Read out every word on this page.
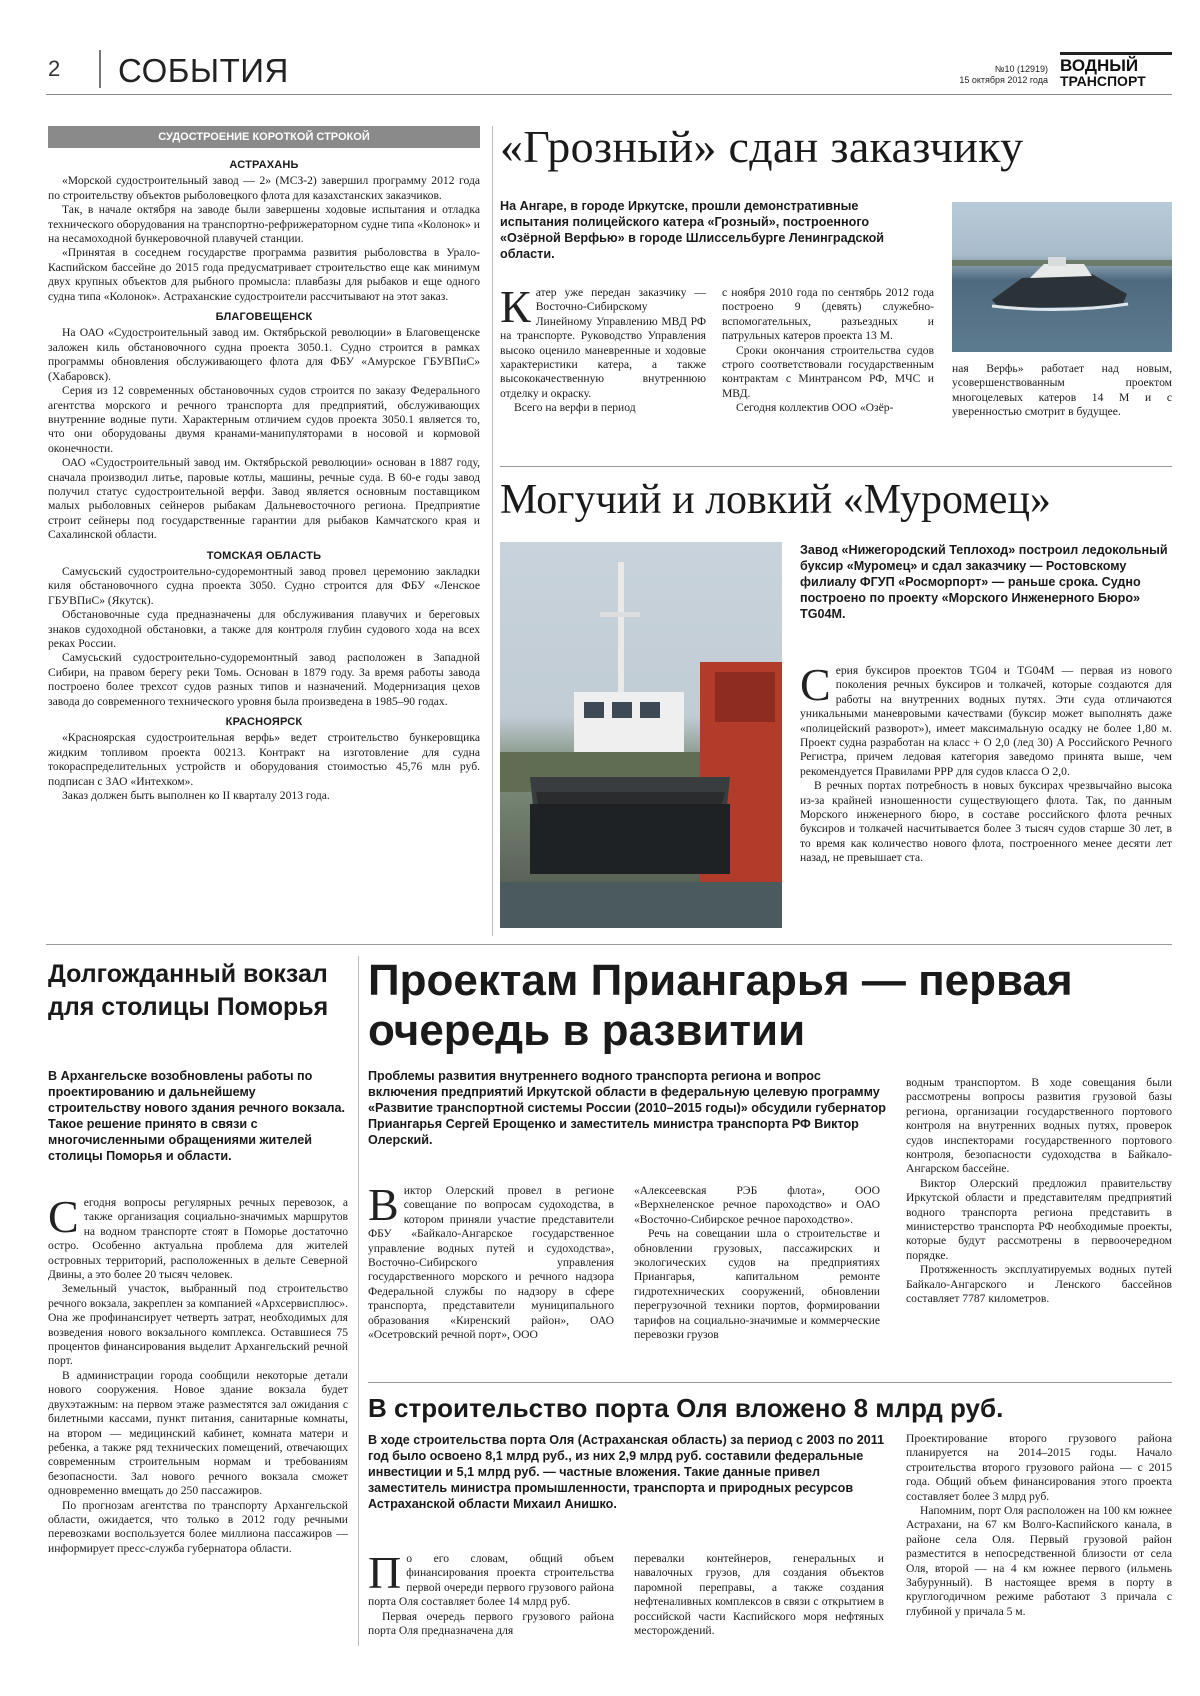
2 СОБЫТИЯ	№10 (12919)
15 октября 2012 года
ВОДНЫЙ
ТРАНСПОРТ
СУДОСТРОЕНИЕ КОРОТКОЙ СТРОКОЙ
АСТРАХАНЬ

«Морской судостроительный завод — 2» (МСЗ-2) завершил программу 2012 года по строительству объектов рыболовецкого флота для казахстанских заказчиков.

Так, в начале октября на заводе были завершены ходовые испытания и отладка технического оборудования на транспортно-рефрижераторном судне типа «Колонок» и на несамоходной бункеровочной плавучей станции.

«Принятая в соседнем государстве программа развития рыболовства в Урало-Каспийском бассейне до 2015 года предусматривает строительство еще как минимум двух крупных объектов для рыбного промысла: плавбазы для рыбаков и еще одного судна типа «Колонок». Астраханские судостроители рассчитывают на этот заказ.

БЛАГОВЕЩЕНСК

На ОАО «Судостроительный завод им. Октябрьской революции» в Благовещенске заложен киль обстановочного судна проекта 3050.1. Судно строится в рамках программы обновления обслуживающего флота для ФБУ «Амурское ГБУВПиС» (Хабаровск).

Серия из 12 современных обстановочных судов строится по заказу Федерального агентства морского и речного транспорта для предприятий, обслуживающих внутренние водные пути. Характерным отличием судов проекта 3050.1 является то, что они оборудованы двумя кранами-манипуляторами в носовой и кормовой оконечности.

ОАО «Судостроительный завод им. Октябрьской революции» основан в 1887 году, сначала производил литье, паровые котлы, машины, речные суда. В 60-е годы завод получил статус судостроительной верфи. Завод является основным поставщиком малых рыболовных сейнеров рыбакам Дальневосточного региона. Предприятие строит сейнеры под государственные гарантии для рыбаков Камчатского края и Сахалинской области.

ТОМСКАЯ ОБЛАСТЬ

Самусьский судостроительно-судоремонтный завод провел церемонию закладки киля обстановочного судна проекта 3050. Судно строится для ФБУ «Ленское ГБУВПиС» (Якутск).

Обстановочные суда предназначены для обслуживания плавучих и береговых знаков судоходной обстановки, а также для контроля глубин судового хода на всех реках России.

Самусьский судостроительно-судоремонтный завод расположен в Западной Сибири, на правом берегу реки Томь. Основан в 1879 году. За время работы завода построено более трехсот судов разных типов и назначений. Модернизация цехов завода до современного технического уровня была произведена в 1985–90 годах.

КРАСНОЯРСК

«Красноярская судостроительная верфь» ведет строительство бункеровщика жидким топливом проекта 00213. Контракт на изготовление для судна токораспределительных устройств и оборудования стоимостью 45,76 млн руб. подписан с ЗАО «Интехком».

Заказ должен быть выполнен ко II кварталу 2013 года.

«Грозный» сдан заказчику
На Ангаре, в городе Иркутске, прошли демонстративные испытания полицейского катера «Грозный», построенного «Озёрной Верфью» в городе Шлиссельбурге Ленинградской области.
К атер уже передан заказчику — Восточно-Сибирскому Линейному Управлению МВД РФ на транспорте. Руководство Управления высоко оценило маневренные и ходовые характеристики катера, а также высококачественную внутреннюю отделку и окраску.

Всего на верфи в период

с ноября 2010 года по сентябрь 2012 года построено 9 (девять) служебно-вспомогательных, разъездных и патрульных катеров проекта 13 М.

Сроки окончания строительства судов строго соответствовали государственным контрактам с Минтрансом РФ, МЧС и МВД.

Сегодня коллектив ООО «Озёр-

ная Верфь» работает над новым, усовершенствованным проектом многоцелевых катеров 14 М и с уверенностью смотрит в будущее.

Могучий и ловкий «Муромец»
Завод «Нижегородский Теплоход» построил ледокольный буксир «Муромец» и сдал заказчику — Ростовскому филиалу ФГУП «Росморпорт» — раньше срока. Судно построено по проекту «Морского Инженерного Бюро» TG04M.
С ерия буксиров проектов TG04 и TG04M — первая из нового поколения речных буксиров и толкачей, которые создаются для работы на внутренних водных путях. Эти суда отличаются уникальными маневровыми качествами (буксир может выполнять даже «полицейский разворот»), имеет максимальную осадку не более 1,80 м. Проект судна разработан на класс + О 2,0 (лед 30) А Российского Речного Регистра, причем ледовая категория заведомо принята выше, чем рекомендуется Правилами РРР для судов класса О 2,0.

В речных портах потребность в новых буксирах чрезвычайно высока из-за крайней изношенности существующего флота. Так, по данным Морского инженерного бюро, в составе российского флота речных буксиров и толкачей насчитывается более 3 тысяч судов старше 30 лет, в то время как количество нового флота, построенного менее десяти лет назад, не превышает ста.

Долгожданный вокзал для столицы Поморья
В Архангельске возобновлены работы по проектированию и дальнейшему строительству нового здания речного вокзала. Такое решение принято в связи с многочисленными обращениями жителей столицы Поморья и области.
С егодня вопросы регулярных речных перевозок, а также организация социально-значимых маршрутов на водном транспорте стоят в Поморье достаточно остро. Особенно актуальна проблема для жителей островных территорий, расположенных в дельте Северной Двины, а это более 20 тысяч человек.

Земельный участок, выбранный под строительство речного вокзала, закреплен за компанией «Архсервисплюс». Она же профинансирует четверть затрат, необходимых для возведения нового вокзального комплекса. Оставшиеся 75 процентов финансирования выделит Архангельский речной порт.

В администрации города сообщили некоторые детали нового сооружения. Новое здание вокзала будет двухэтажным: на первом этаже разместятся зал ожидания с билетными кассами, пункт питания, санитарные комнаты, на втором — медицинский кабинет, комната матери и ребенка, а также ряд технических помещений, отвечающих современным строительным нормам и требованиям безопасности. Зал нового речного вокзала сможет одновременно вмещать до 250 пассажиров.

По прогнозам агентства по транспорту Архангельской области, ожидается, что только в 2012 году речными перевозками воспользуется более миллиона пассажиров — информирует пресс-служба губернатора области.

Проектам Приангарья — первая очередь в развитии
Проблемы развития внутреннего водного транспорта региона и вопрос включения предприятий Иркутской области в федеральную целевую программу «Развитие транспортной системы России (2010–2015 годы)» обсудили губернатор Приангарья Сергей Ерощенко и заместитель министра транспорта РФ Виктор Олерский.
В иктор Олерский провел в регионе совещание по вопросам судоходства, в котором приняли участие представители ФБУ «Байкало-Ангарское государственное управление водных путей и судоходства», Восточно-Сибирского управления государственного морского и речного надзора Федеральной службы по надзору в сфере транспорта, представители муниципального образования «Киренский район», ОАО «Осетровский речной порт», ООО

«Алексеевская РЭБ флота», ООО «Верхнеленское речное пароходство» и ОАО «Восточно-Сибирское речное пароходство».

Речь на совещании шла о строительстве и обновлении грузовых, пассажирских и экологических судов на предприятиях Приангарья, капитальном ремонте гидротехнических сооружений, обновлении перегрузочной техники портов, формировании тарифов на социально-значимые и коммерческие перевозки грузов

водным транспортом. В ходе совещания были рассмотрены вопросы развития грузовой базы региона, организации государственного портового контроля на внутренних водных путях, проверок судов инспекторами государственного портового контроля, безопасности судоходства в Байкало-Ангарском бассейне.

Виктор Олерский предложил правительству Иркутской области и представителям предприятий водного транспорта региона представить в министерство транспорта РФ необходимые проекты, которые будут рассмотрены в первоочередном порядке.

Протяженность эксплуатируемых водных путей Байкало-Ангарского и Ленского бассейнов составляет 7787 километров.

В строительство порта Оля вложено 8 млрд руб.
В ходе строительства порта Оля (Астраханская область) за период с 2003 по 2011 год было освоено 8,1 млрд руб., из них 2,9 млрд руб. составили федеральные инвестиции и 5,1 млрд руб. — частные вложения. Такие данные привел заместитель министра промышленности, транспорта и природных ресурсов Астраханской области Михаил Анишко.
П о его словам, общий объем финансирования проекта строительства первой очереди первого грузового района порта Оля составляет более 14 млрд руб.

Первая очередь первого грузового района порта Оля предназначена для

перевалки контейнеров, генеральных и навалочных грузов, для создания объектов паромной переправы, а также создания нефтеналивных комплексов в связи с открытием в российской части Каспийского моря нефтяных месторождений.

Проектирование второго грузового района планируется на 2014–2015 годы. Начало строительства второго грузового района — с 2015 года. Общий объем финансирования этого проекта составляет более 3 млрд руб.

Напомним, порт Оля расположен на 100 км южнее Астрахани, на 67 км Волго-Каспийского канала, в районе села Оля. Первый грузовой район разместится в непосредственной близости от села Оля, второй — на 4 км южнее первого (ильмень Забурунный). В настоящее время в порту в круглогодичном режиме работают 3 причала с глубиной у причала 5 м.
